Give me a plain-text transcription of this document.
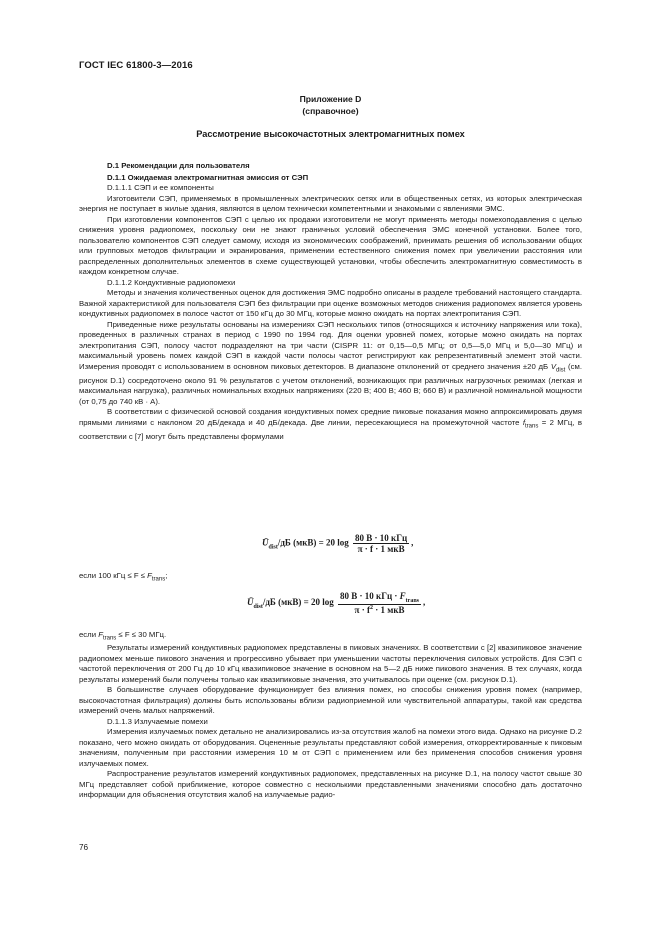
ГОСТ IEC 61800-3—2016
Приложение D
(справочное)
Рассмотрение высокочастотных электромагнитных помех

D.1 Рекомендации для пользователя

D.1.1 Ожидаемая электромагнитная эмиссия от СЭП

D.1.1.1 СЭП и ее компоненты

Изготовители СЭП, применяемых в промышленных электрических сетях или в общественных сетях, из которых электрическая энергия не поступает в жилые здания, являются в целом технически компетентными и знакомыми с явлениями ЭМС.

При изготовлении компонентов СЭП с целью их продажи изготовители не могут применять методы помехоподавления с целью снижения уровня радиопомех, поскольку они не знают граничных условий обеспечения ЭМС конечной установки. Более того, пользователю компонентов СЭП следует самому, исходя из экономических соображений, принимать решения об использовании общих или групповых методов фильтрации и экранирования, применении естественного снижения помех при увеличении расстояния или распределенных дополнительных элементов в схеме существующей установки, чтобы обеспечить электромагнитную совместимость в каждом конкретном случае.

D.1.1.2 Кондуктивные радиопомехи

Методы и значения количественных оценок для достижения ЭМС подробно описаны в разделе требований настоящего стандарта. Важной характеристикой для пользователя СЭП без фильтрации при оценке возможных методов снижения радиопомех является уровень кондуктивных радиопомех в полосе частот от 150 кГц до 30 МГц, которые можно ожидать на портах электропитания СЭП.

Приведенные ниже результаты основаны на измерениях СЭП нескольких типов (относящихся к источнику напряжения или тока), проведенных в различных странах в период с 1990 по 1994 год. Для оценки уровней помех, которые можно ожидать на портах электропитания СЭП, полосу частот подразделяют на три части (CISPR 11: от 0,15—0,5 МГц; от 0,5—5,0 МГц и 5,0—30 МГц) и максимальный уровень помех каждой СЭП в каждой части полосы частот регистрируют как репрезентативный элемент этой части. Измерения проводят с использованием в основном пиковых детекторов. В диапазоне отклонений от среднего значения ±20 дБ $V_{dist}$ (см. рисунок D.1) сосредоточено около 91 % результатов с учетом отклонений, возникающих при различных нагрузочных режимах (легкая и максимальная нагрузка), различных номинальных входных напряжениях (220 В; 400 В; 460 В; 660 В) и различной номинальной мощности (от 0,75 до 740 кВ · А).

В соответствии с физической основой создания кондуктивных помех средние пиковые показания можно аппроксимировать двумя прямыми линиями с наклоном 20 дБ/декада и 40 дБ/декада. Две линии, пересекающиеся на промежуточной частоте $f_{trans} = 2$ МГц, в соответствии с [7] могут быть представлены формулами

$Ū_{dist}/дБ$ (мкВ) = 20 $\log \frac{\text{80 В · 10 кГц}}{\text{π · f · 1 мкВ}}$ ,
если 100 кГц ≤ $F \le F_{trans}$;
$Ū_{dist}/дБ$ (мкВ) = 20 $\log \frac{80 В \cdot 10 кГц \cdot F_{trans}}{\pi \cdot f^2 \cdot 1 мкВ}$ ,
если $F_{trans} \le F \le 30$ МГц.

Результаты измерений кондуктивных радиопомех представлены в пиковых значениях. В соответствии с [2] квазипиковое значение радиопомех меньше пикового значения и прогрессивно убывает при уменьшении частоты переключения силовых устройств. Для СЭП с частотой переключения от 200 Гц до 10 кГц квазипиковое значение в основном на 5—2 дБ ниже пикового значения. В тех случаях, когда результаты измерений были получены только как квазипиковые значения, это учитывалось при оценке (см. рисунок D.1).

В большинстве случаев оборудование функционирует без влияния помех, но способы снижения уровня помех (например, высокочастотная фильтрация) должны быть использованы вблизи радиоприемной или чувствительной аппаратуры, такой как средства измерений очень малых напряжений.

D.1.1.3 Излучаемые помехи

Измерения излучаемых помех детально не анализировались из-за отсутствия жалоб на помехи этого вида. Однако на рисунке D.2 показано, чего можно ожидать от оборудования. Оцененные результаты представляют собой измерения, откорректированные к пиковым значениям, полученным при расстоянии измерения 10 м от СЭП с применением или без применения способов снижения уровня излучаемых помех.

Распространение результатов измерений кондуктивных радиопомех, представленных на рисунке D.1, на полосу частот свыше 30 МГц представляет собой приближение, которое совместно с несколькими представленными значениями способно дать достаточно информации для объяснения отсутствия жалоб на излучаемые радио-

76
